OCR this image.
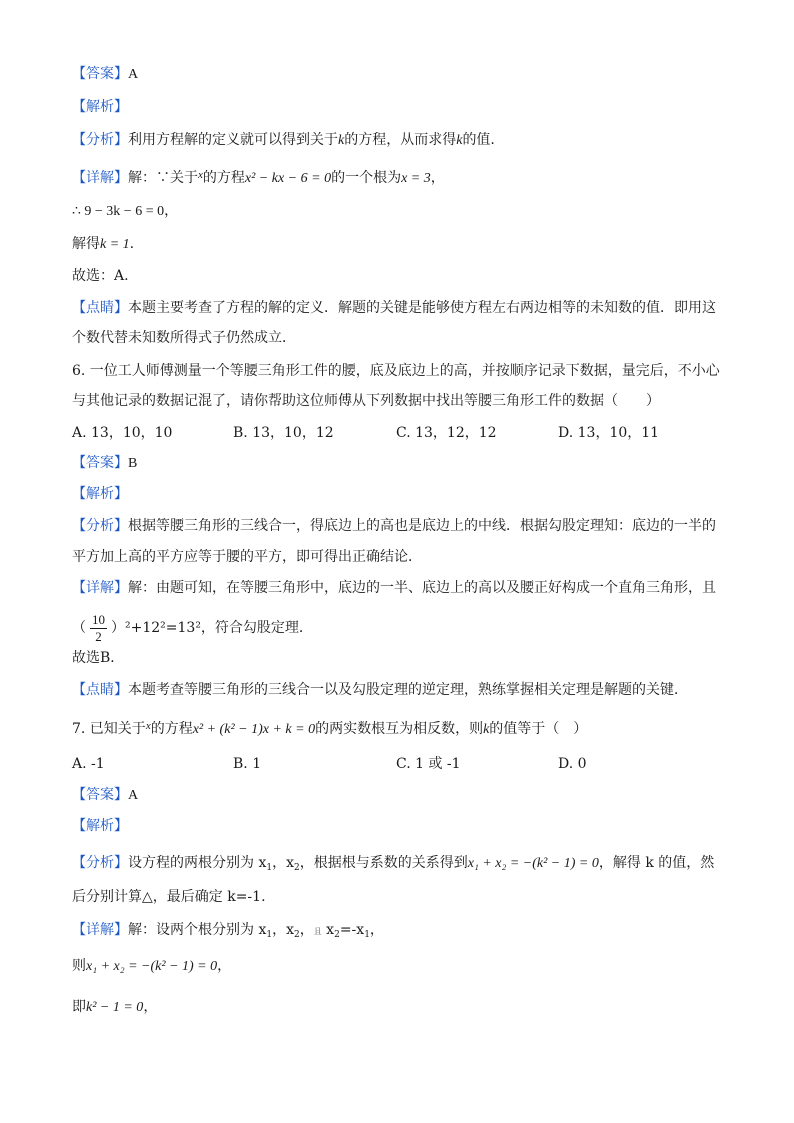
【答案】A
【解析】
【分析】利用方程解的定义就可以得到关于k的方程，从而求得k的值.
【详解】解：∵关于$^x$的方程x² − kx − 6 = 0的一个根为x = 3，
∴ 9 − 3k − 6 = 0，
解得k = 1.
故选：A.
【点睛】本题主要考查了方程的解的定义．解题的关键是能够使方程左右两边相等的未知数的值．即用这
个数代替未知数所得式子仍然成立．
6. 一位工人师傅测量一个等腰三角形工件的腰，底及底边上的高，并按顺序记录下数据，量完后，不小心
与其他记录的数据记混了，请你帮助这位师傅从下列数据中找出等腰三角形工件的数据（　　）
A. 13，10，10	B. 13，10，12	C. 13，12，12	D. 13，10，11
【答案】B
【解析】
【分析】根据等腰三角形的三线合一，得底边上的高也是底边上的中线．根据勾股定理知：底边的一半的
平方加上高的平方应等于腰的平方，即可得出正确结论．
【详解】解：由题可知，在等腰三角形中，底边的一半、底边上的高以及腰正好构成一个直角三角形，且
（ $\frac{10}{2} )^2+12^2=13^2$，符合勾股定理．
故选B．
【点睛】本题考查等腰三角形的三线合一以及勾股定理的逆定理，熟练掌握相关定理是解题的关键．
7. 已知关于$^x$的方程x² + (k² − 1)x + k = 0的两实数根互为相反数，则k的值等于（　）
A. -1	B. 1	C. 1 或 -1	D. 0
【答案】A
【解析】
【分析】设方程的两根分别为 $x_1$，$x_2$，根据根与系数的关系得到x₁ + x₂ = −(k² − 1) = 0，解得 k 的值，然
后分别计算△，最后确定 k=-1.
【详解】解：设两个根分别为 $x_1$，$x_2$，且 $x_2=-x_1$，
则x₁ + x₂ = −(k² − 1) = 0，
即k² − 1 = 0，
